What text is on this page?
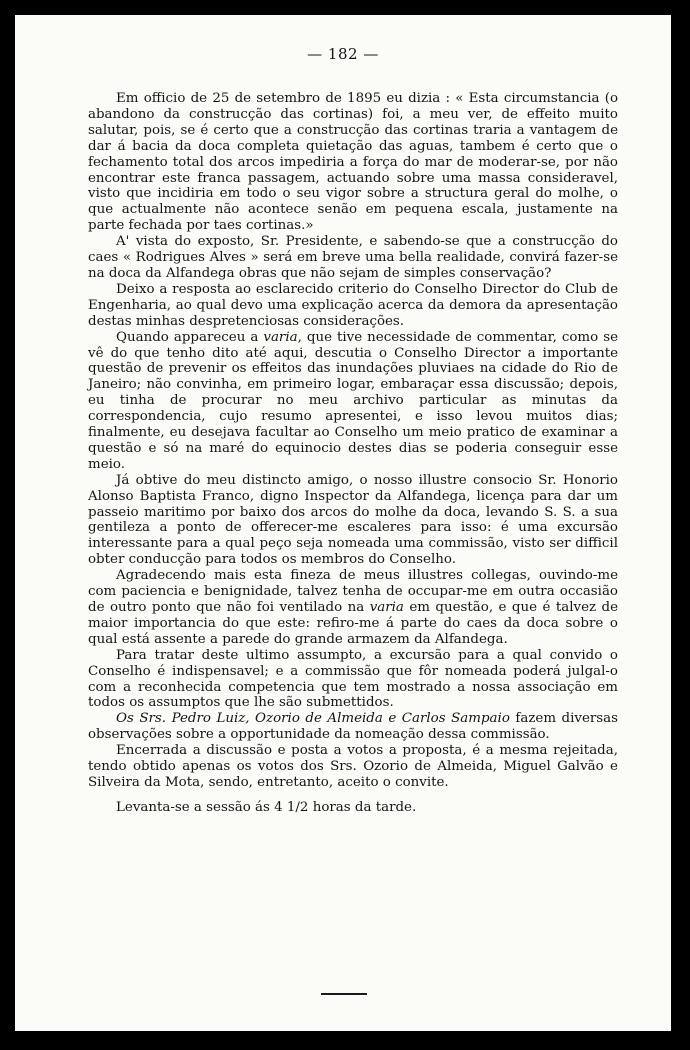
— 182 —

Em officio de 25 de setembro de 1895 eu dizia : « Esta circumstancia (o abandono da construcção das cortinas) foi, a meu ver, de effeito muito salutar, pois, se é certo que a construcção das cortinas traria a vantagem de dar á bacia da doca completa quietação das aguas, tambem é certo que o fechamento total dos arcos impediria a força do mar de moderar-se, por não encontrar este franca passagem, actuando sobre uma massa consideravel, visto que incidiria em todo o seu vigor sobre a structura geral do molhe, o que actualmente não acontece senão em pequena escala, justamente na parte fechada por taes cortinas.»

A' vista do exposto, Sr. Presidente, e sabendo-se que a construcção do caes « Rodrigues Alves » será em breve uma bella realidade, convirá fazer-se na doca da Alfandega obras que não sejam de simples conservação?

Deixo a resposta ao esclarecido criterio do Conselho Director do Club de Engenharia, ao qual devo uma explicação acerca da demora da apresentação destas minhas despretenciosas considerações.

Quando appareceu a varia, que tive necessidade de commentar, como se vê do que tenho dito até aqui, descutia o Conselho Director a importante questão de prevenir os effeitos das inundações pluviaes na cidade do Rio de Janeiro; não convinha, em primeiro logar, embaraçar essa discussão; depois, eu tinha de procurar no meu archivo particular as minutas da correspondencia, cujo resumo apresentei, e isso levou muitos dias; finalmente, eu desejava facultar ao Conselho um meio pratico de examinar a questão e só na maré do equinocio destes dias se poderia conseguir esse meio.

Já obtive do meu distincto amigo, o nosso illustre consocio Sr. Honorio Alonso Baptista Franco, digno Inspector da Alfandega, licença para dar um passeio maritimo por baixo dos arcos do molhe da doca, levando S. S. a sua gentileza a ponto de offerecer-me escaleres para isso: é uma excursão interessante para a qual peço seja nomeada uma commissão, visto ser difficil obter conducção para todos os membros do Conselho.

Agradecendo mais esta fineza de meus illustres collegas, ouvindo-me com paciencia e benignidade, talvez tenha de occupar-me em outra occasião de outro ponto que não foi ventilado na varia em questão, e que é talvez de maior importancia do que este: refiro-me á parte do caes da doca sobre o qual está assente a parede do grande armazem da Alfandega.

Para tratar deste ultimo assumpto, a excursão para a qual convido o Conselho é indispensavel; e a commissão que fôr nomeada poderá julgal-o com a reconhecida competencia que tem mostrado a nossa associação em todos os assumptos que lhe são submettidos.

Os Srs. Pedro Luiz, Ozorio de Almeida e Carlos Sampaio fazem diversas observações sobre a opportunidade da nomeação dessa commissão.

Encerrada a discussão e posta a votos a proposta, é a mesma rejeitada, tendo obtido apenas os votos dos Srs. Ozorio de Almeida, Miguel Galvão e Silveira da Mota, sendo, entretanto, aceito o convite.

Levanta-se a sessão ás 4 1/2 horas da tarde.
